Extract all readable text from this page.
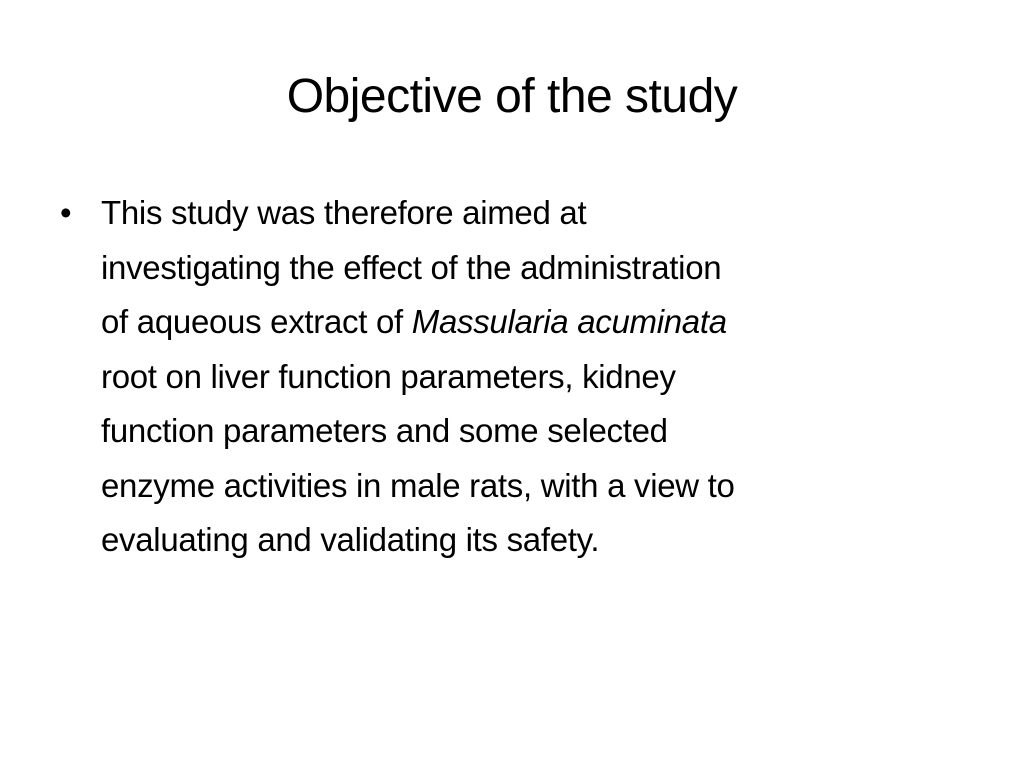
Objective of the study
• This study was therefore aimed at
investigating the effect of the administration
of aqueous extract of Massularia acuminata
root on liver function parameters, kidney
function parameters and some selected
enzyme activities in male rats, with a view to
evaluating and validating its safety.
